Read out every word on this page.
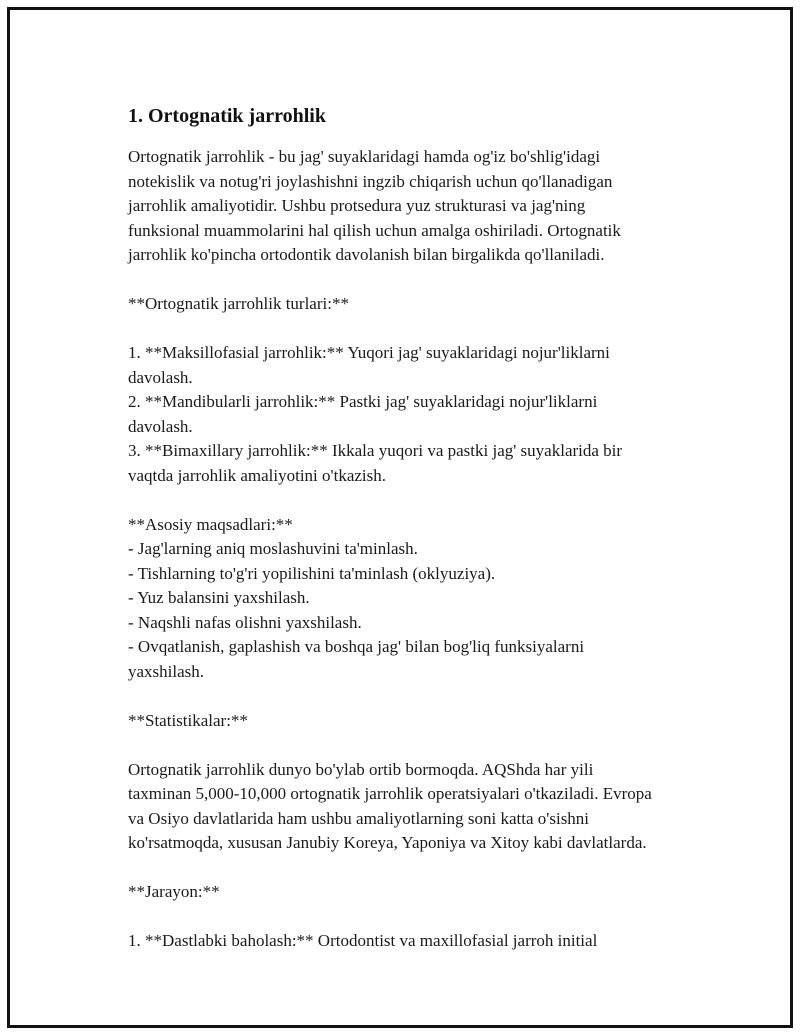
1. Ortognatik jarrohlik
Ortognatik jarrohlik - bu jag' suyaklaridagi hamda og'iz bo'shlig'idagi
notekislik va notug'ri joylashishni ingzib chiqarish uchun qo'llanadigan
jarrohlik amaliyotidir. Ushbu protsedura yuz strukturasi va jag'ning
funksional muammolarini hal qilish uchun amalga oshiriladi. Ortognatik
jarrohlik ko'pincha ortodontik davolanish bilan birgalikda qo'llaniladi.
**Ortognatik jarrohlik turlari:**
1. **Maksillofasial jarrohlik:** Yuqori jag' suyaklaridagi nojur'liklarni
davolash.
2. **Mandibularli jarrohlik:** Pastki jag' suyaklaridagi nojur'liklarni
davolash.
3. **Bimaxillary jarrohlik:** Ikkala yuqori va pastki jag' suyaklarida bir
vaqtda jarrohlik amaliyotini o'tkazish.
**Asosiy maqsadlari:**
- Jag'larning aniq moslashuvini ta'minlash.
- Tishlarning to'g'ri yopilishini ta'minlash (oklyuziya).
- Yuz balansini yaxshilash.
- Naqshli nafas olishni yaxshilash.
- Ovqatlanish, gaplashish va boshqa jag' bilan bog'liq funksiyalarni
yaxshilash.
**Statistikalar:**
Ortognatik jarrohlik dunyo bo'ylab ortib bormoqda. AQShda har yili
taxminan 5,000-10,000 ortognatik jarrohlik operatsiyalari o'tkaziladi. Evropa
va Osiyo davlatlarida ham ushbu amaliyotlarning soni katta o'sishni
ko'rsatmoqda, xususan Janubiy Koreya, Yaponiya va Xitoy kabi davlatlarda.
**Jarayon:**
1. **Dastlabki baholash:** Ortodontist va maxillofasial jarroh initial
